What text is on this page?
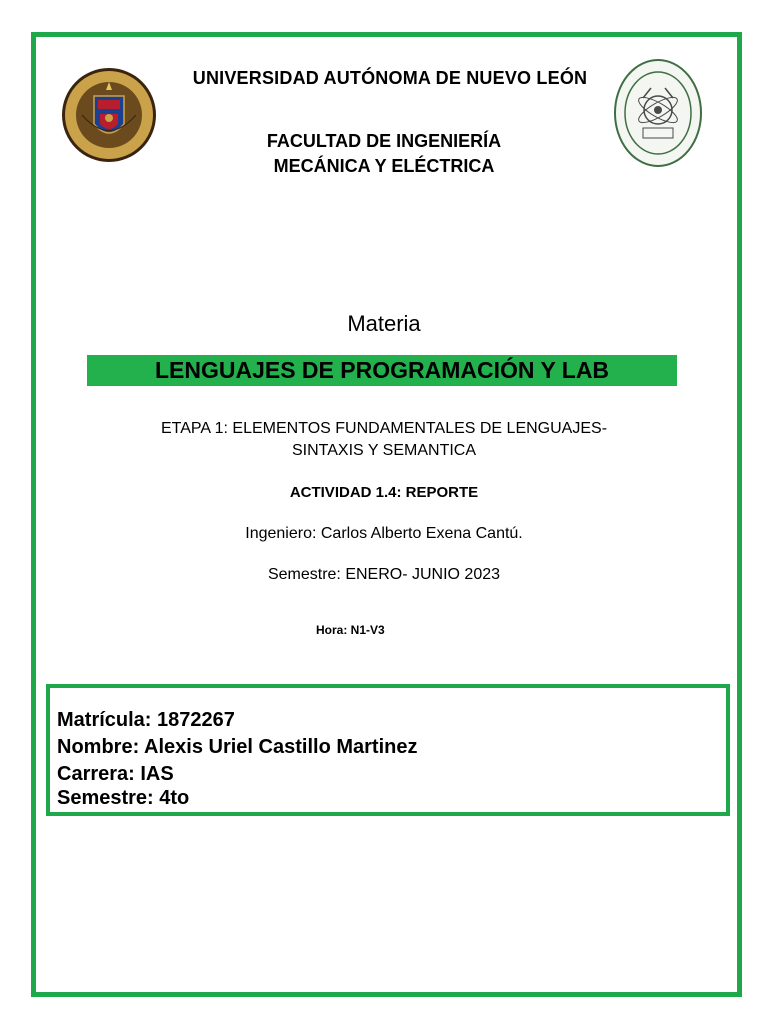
UNIVERSIDAD AUTÓNOMA DE NUEVO LEÓN
FACULTAD DE INGENIERÍA
MECÁNICA Y ELÉCTRICA
Materia
LENGUAJES DE PROGRAMACIÓN Y LAB
ETAPA 1: ELEMENTOS FUNDAMENTALES DE LENGUAJES-
SINTAXIS Y SEMANTICA
ACTIVIDAD 1.4: REPORTE
Ingeniero: Carlos Alberto Exena Cantú.
Semestre: ENERO- JUNIO 2023
Hora: N1-V3
Matrícula: 1872267
Nombre: Alexis Uriel Castillo Martinez
Carrera: IAS
Semestre: 4to
